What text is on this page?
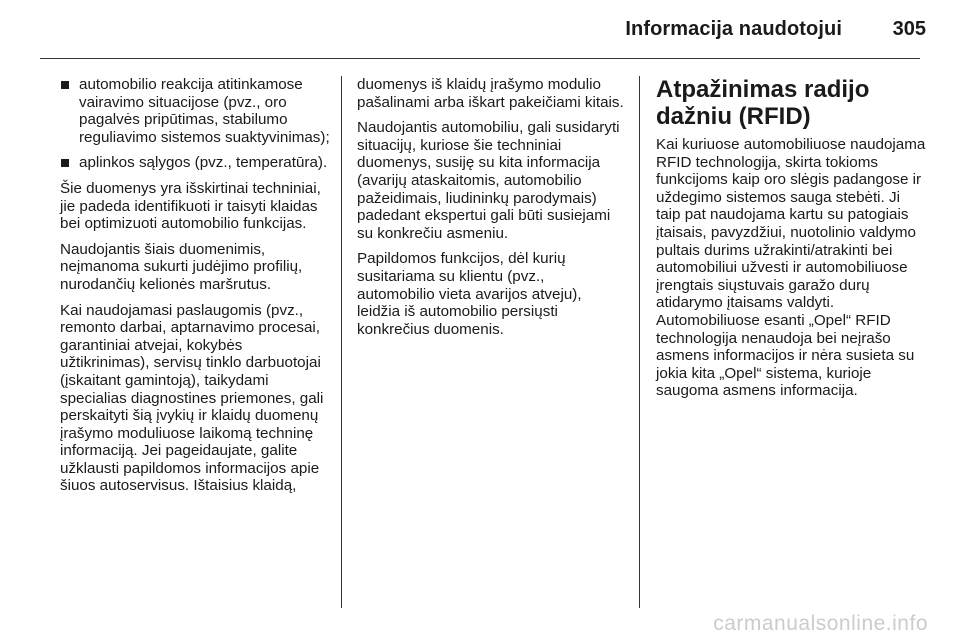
Informacija naudotojui	305
automobilio reakcija atitinkamose vairavimo situacijose (pvz., oro pagalvės pripūtimas, stabilumo reguliavimo sistemos suaktyvinimas);
aplinkos sąlygos (pvz., temperatūra).

Šie duomenys yra išskirtinai techniniai, jie padeda identifikuoti ir taisyti klaidas bei optimizuoti automobilio funkcijas.

Naudojantis šiais duomenimis, neįmanoma sukurti judėjimo profilių, nurodančių kelionės maršrutus.

Kai naudojamasi paslaugomis (pvz., remonto darbai, aptarnavimo procesai, garantiniai atvejai, kokybės užtikrinimas), servisų tinklo darbuotojai (įskaitant gamintoją), taikydami specialias diagnostines priemones, gali perskaityti šią įvykių ir klaidų duomenų įrašymo moduliuose laikomą techninę informaciją. Jei pageidaujate, galite užklausti papildomos informacijos apie šiuos autoservisus. Ištaisius klaidą,

duomenys iš klaidų įrašymo modulio pašalinami arba iškart pakeičiami kitais.

Naudojantis automobiliu, gali susidaryti situacijų, kuriose šie techniniai duomenys, susiję su kita informacija (avarijų ataskaitomis, automobilio pažeidimais, liudininkų parodymais) padedant ekspertui gali būti susiejami su konkrečiu asmeniu.

Papildomos funkcijos, dėl kurių susitariama su klientu (pvz., automobilio vieta avarijos atveju), leidžia iš automobilio persiųsti konkrečius duomenis.

Atpažinimas radijo dažniu (RFID)

Kai kuriuose automobiliuose naudojama RFID technologija, skirta tokioms funkcijoms kaip oro slėgis padangose ir uždegimo sistemos sauga stebėti. Ji taip pat naudojama kartu su patogiais įtaisais, pavyzdžiui, nuotolinio valdymo pultais durims užrakinti/atrakinti bei automobiliui užvesti ir automobiliuose įrengtais siųstuvais garažo durų atidarymo įtaisams valdyti. Automobiliuose esanti „Opel“ RFID technologija nenaudoja bei neįrašo asmens informacijos ir nėra susieta su jokia kita „Opel“ sistema, kurioje saugoma asmens informacija.

carmanualsonline.info
